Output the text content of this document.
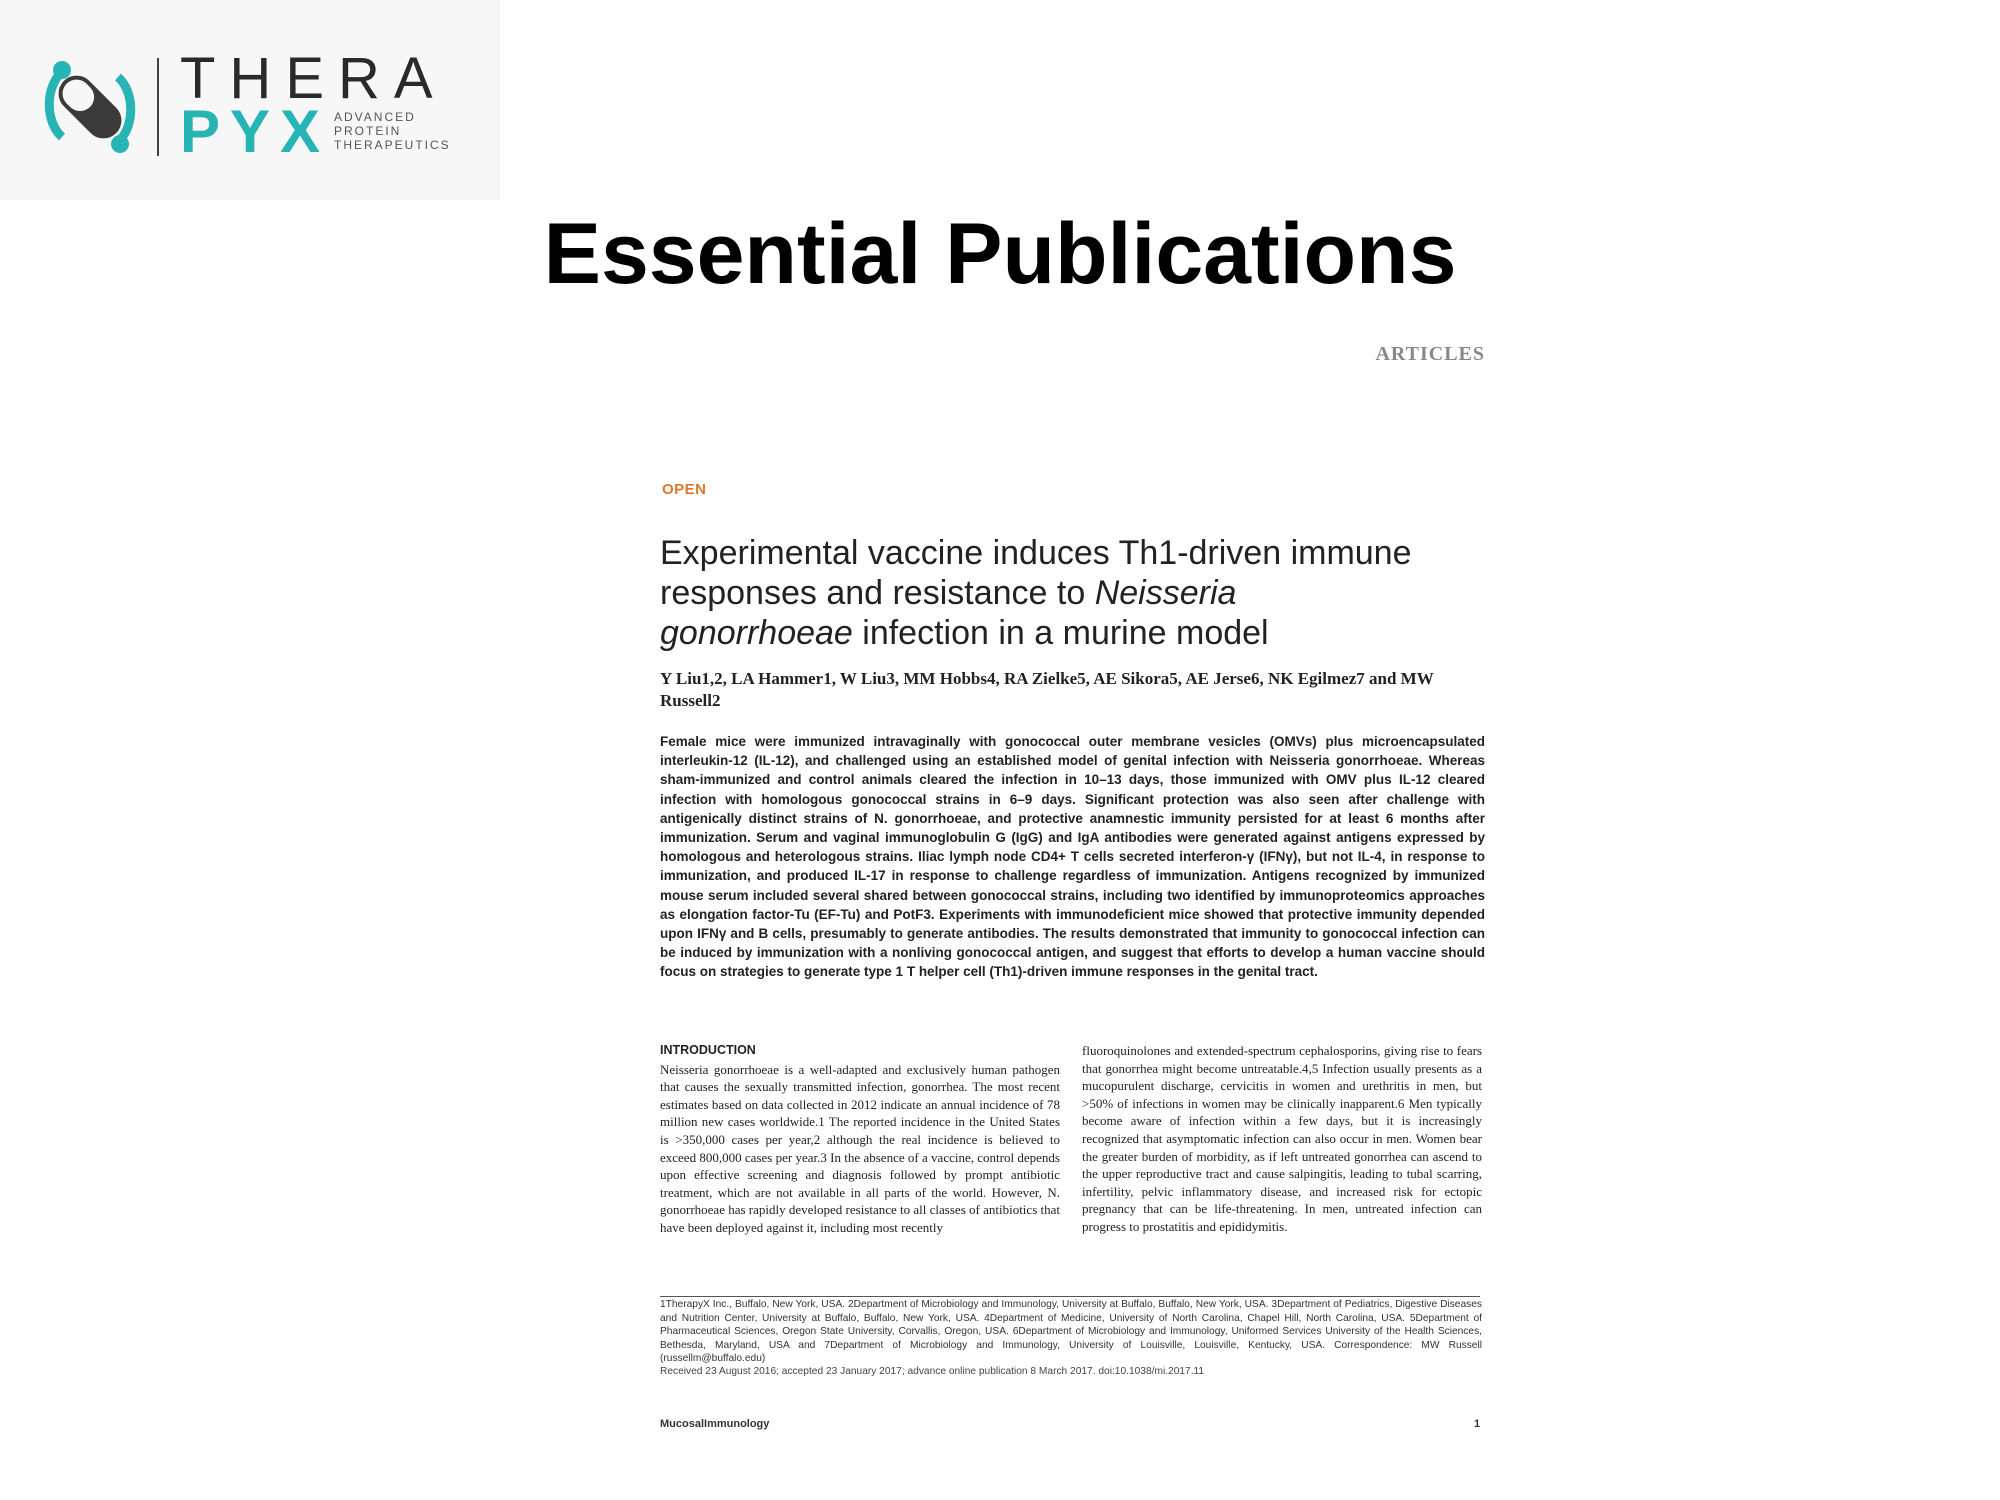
THERA
PYX ADVANCED
PROTEIN
THERAPEUTICS
Essential Publications
ARTICLES
OPEN
Experimental vaccine induces Th1-driven immune
responses and resistance to Neisseria
gonorrhoeae infection in a murine model
Y Liu1,2, LA Hammer1, W Liu3, MM Hobbs4, RA Zielke5, AE Sikora5, AE Jerse6, NK Egilmez7 and MW Russell2
Female mice were immunized intravaginally with gonococcal outer membrane vesicles (OMVs) plus microencapsulated interleukin-12 (IL-12), and challenged using an established model of genital infection with Neisseria gonorrhoeae. Whereas sham-immunized and control animals cleared the infection in 10–13 days, those immunized with OMV plus IL-12 cleared infection with homologous gonococcal strains in 6–9 days. Significant protection was also seen after challenge with antigenically distinct strains of N. gonorrhoeae, and protective anamnestic immunity persisted for at least 6 months after immunization. Serum and vaginal immunoglobulin G (IgG) and IgA antibodies were generated against antigens expressed by homologous and heterologous strains. Iliac lymph node CD4+ T cells secreted interferon-γ (IFNγ), but not IL-4, in response to immunization, and produced IL-17 in response to challenge regardless of immunization. Antigens recognized by immunized mouse serum included several shared between gonococcal strains, including two identified by immunoproteomics approaches as elongation factor-Tu (EF-Tu) and PotF3. Experiments with immunodeficient mice showed that protective immunity depended upon IFNγ and B cells, presumably to generate antibodies. The results demonstrated that immunity to gonococcal infection can be induced by immunization with a nonliving gonococcal antigen, and suggest that efforts to develop a human vaccine should focus on strategies to generate type 1 T helper cell (Th1)-driven immune responses in the genital tract.
INTRODUCTION
Neisseria gonorrhoeae is a well-adapted and exclusively human pathogen that causes the sexually transmitted infection, gonorrhea. The most recent estimates based on data collected in 2012 indicate an annual incidence of 78 million new cases worldwide.1 The reported incidence in the United States is >350,000 cases per year,2 although the real incidence is believed to exceed 800,000 cases per year.3 In the absence of a vaccine, control depends upon effective screening and diagnosis followed by prompt antibiotic treatment, which are not available in all parts of the world. However, N. gonorrhoeae has rapidly developed resistance to all classes of antibiotics that have been deployed against it, including most recently
fluoroquinolones and extended-spectrum cephalosporins, giving rise to fears that gonorrhea might become untreatable.4,5 Infection usually presents as a mucopurulent discharge, cervicitis in women and urethritis in men, but >50% of infections in women may be clinically inapparent.6 Men typically become aware of infection within a few days, but it is increasingly recognized that asymptomatic infection can also occur in men. Women bear the greater burden of morbidity, as if left untreated gonorrhea can ascend to the upper reproductive tract and cause salpingitis, leading to tubal scarring, infertility, pelvic inflammatory disease, and increased risk for ectopic pregnancy that can be life-threatening. In men, untreated infection can progress to prostatitis and epididymitis.
1TherapyX Inc., Buffalo, New York, USA. 2Department of Microbiology and Immunology, University at Buffalo, Buffalo, New York, USA. 3Department of Pediatrics, Digestive Diseases and Nutrition Center, University at Buffalo, Buffalo, New York, USA. 4Department of Medicine, University of North Carolina, Chapel Hill, North Carolina, USA. 5Department of Pharmaceutical Sciences, Oregon State University, Corvallis, Oregon, USA. 6Department of Microbiology and Immunology, Uniformed Services University of the Health Sciences, Bethesda, Maryland, USA and 7Department of Microbiology and Immunology, University of Louisville, Louisville, Kentucky, USA. Correspondence: MW Russell (russellm@buffalo.edu)
Received 23 August 2016; accepted 23 January 2017; advance online publication 8 March 2017. doi:10.1038/mi.2017.11
MucosalImmunology	1
